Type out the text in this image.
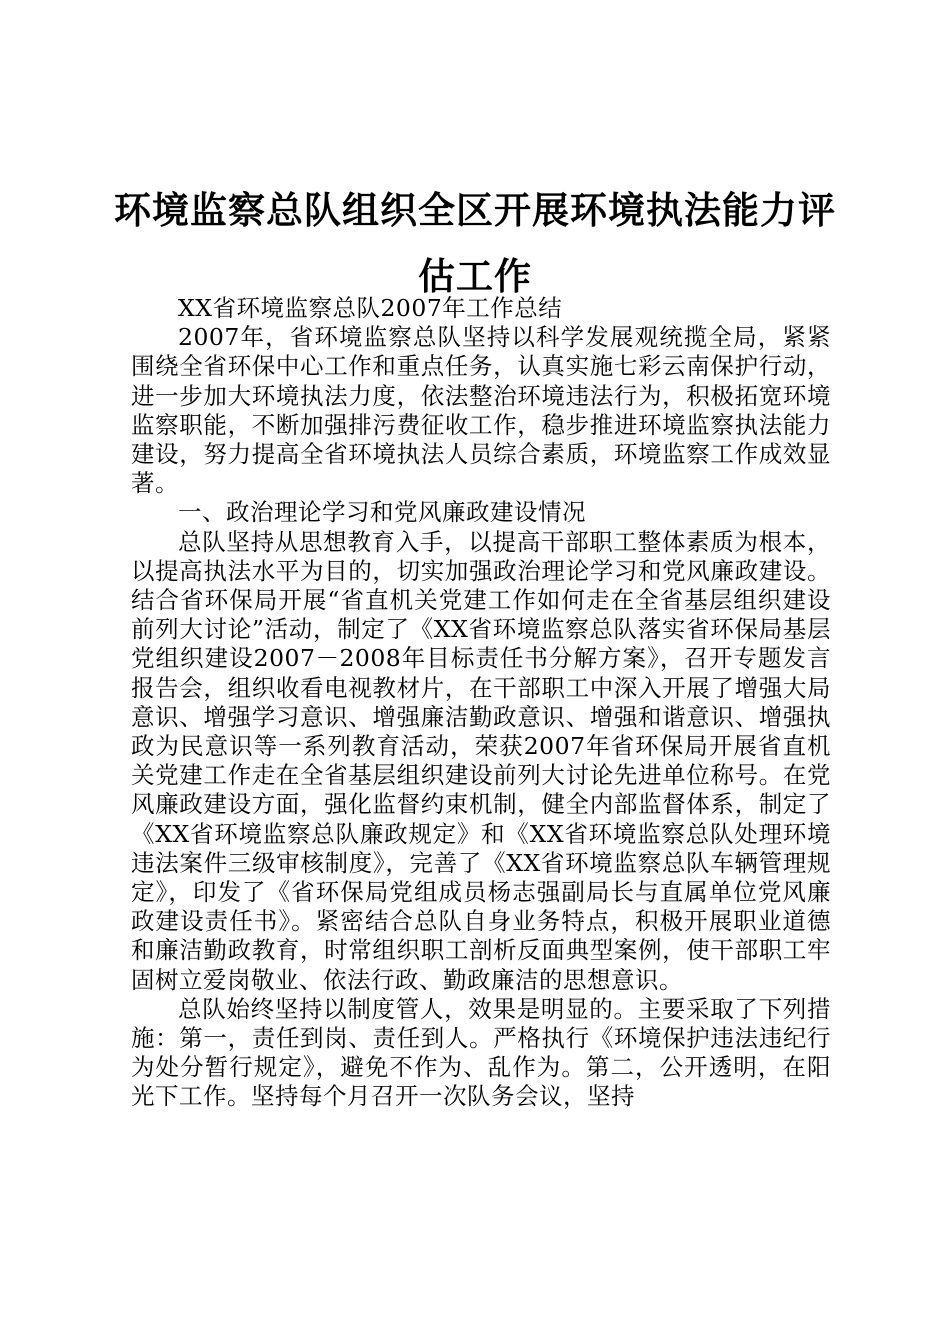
环境监察总队组织全区开展环境执法能力评估工作

XX省环境监察总队2007年工作总结

2007年，省环境监察总队坚持以科学发展观统揽全局，紧紧围绕全省环保中心工作和重点任务，认真实施七彩云南保护行动，进一步加大环境执法力度，依法整治环境违法行为，积极拓宽环境监察职能，不断加强排污费征收工作，稳步推进环境监察执法能力建设，努力提高全省环境执法人员综合素质，环境监察工作成效显著。

一、政治理论学习和党风廉政建设情况

总队坚持从思想教育入手，以提高干部职工整体素质为根本，以提高执法水平为目的，切实加强政治理论学习和党风廉政建设。结合省环保局开展“省直机关党建工作如何走在全省基层组织建设前列大讨论”活动，制定了《XX省环境监察总队落实省环保局基层党组织建设2007－2008年目标责任书分解方案》，召开专题发言报告会，组织收看电视教材片，在干部职工中深入开展了增强大局意识、增强学习意识、增强廉洁勤政意识、增强和谐意识、增强执政为民意识等一系列教育活动，荣获2007年省环保局开展省直机关党建工作走在全省基层组织建设前列大讨论先进单位称号。在党风廉政建设方面，强化监督约束机制，健全内部监督体系，制定了《XX省环境监察总队廉政规定》和《XX省环境监察总队处理环境违法案件三级审核制度》，完善了《XX省环境监察总队车辆管理规定》，印发了《省环保局党组成员杨志强副局长与直属单位党风廉政建设责任书》。紧密结合总队自身业务特点，积极开展职业道德和廉洁勤政教育，时常组织职工剖析反面典型案例，使干部职工牢固树立爱岗敬业、依法行政、勤政廉洁的思想意识。

总队始终坚持以制度管人，效果是明显的。主要采取了下列措施：第一，责任到岗、责任到人。严格执行《环境保护违法违纪行为处分暂行规定》，避免不作为、乱作为。第二，公开透明，在阳光下工作。坚持每个月召开一次队务会议，坚持
